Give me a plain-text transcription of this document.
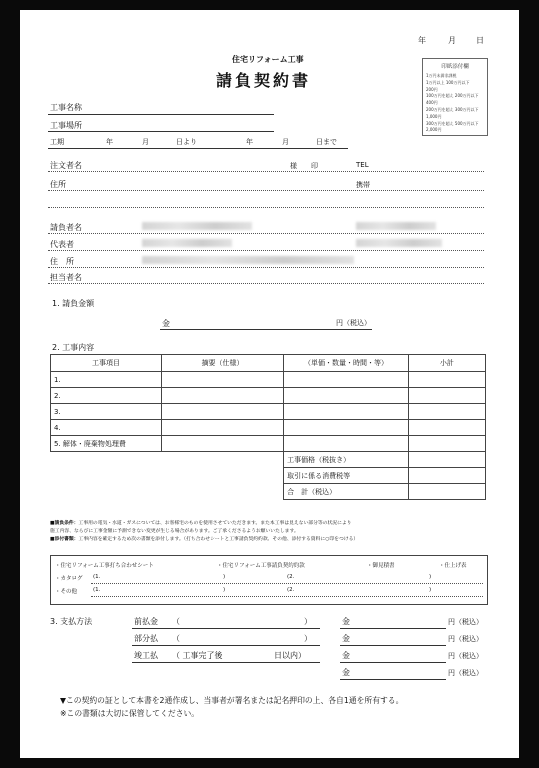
年	月	日
住宅リフォーム工事
請負契約書
印紙添付欄
1万円未満非課税
1万円以上 100万円以下
200円
100万円を超え 200万円以下
400円
200万円を超え 300万円以下
1,000円
300万円を超え 500万円以下
2,000円
工事名称
工事場所
工期	年	月	日より	年	月	日まで
注文者名	様　　印	TEL
住所	携帯
請負者名
代表者
住　所
担当者名
1. 請負金額
金	円（税込）
2. 工事内容
工事項目	摘要（仕様）	（単価・数量・時間・等）	小計
1.			
2.			
3.			
4.			
5. 解体・廃棄物処理費			
		工事価格（税抜き）	
		取引に係る消費税等	
		合　計（税込）	
■請負条件：工事用の電気・水道・ガスについては、お客様宅のものを使用させていただきます。また本工事は見えない部分等の状況により
施工内容、ならびに工事金額に予測できない変更が生じる場合があります。ご了承くださるようお願いいたします。
■添付書類：工事内容を確定するため次の書類を添付します。（打ち合わせシートと工事請負契約約款、その他、添付する資料に○印をつける）
・住宅リフォーム工事打ち合わせシート	・住宅リフォーム工事請負契約約款	・御見積書	・仕上げ表
・カタログ (1.	)	(2.	)
・その他	(1.	)	(2.	)
3. 支払方法	前払金 （	）	金	円（税込）
部分払 （	）	金	円（税込）
竣工払 （ 工事完了後	日以内）	金	円（税込）
金	円（税込）
▼この契約の証として本書を2通作成し、当事者が署名または記名押印の上、各自1通を所有する。
※この書類は大切に保管してください。
